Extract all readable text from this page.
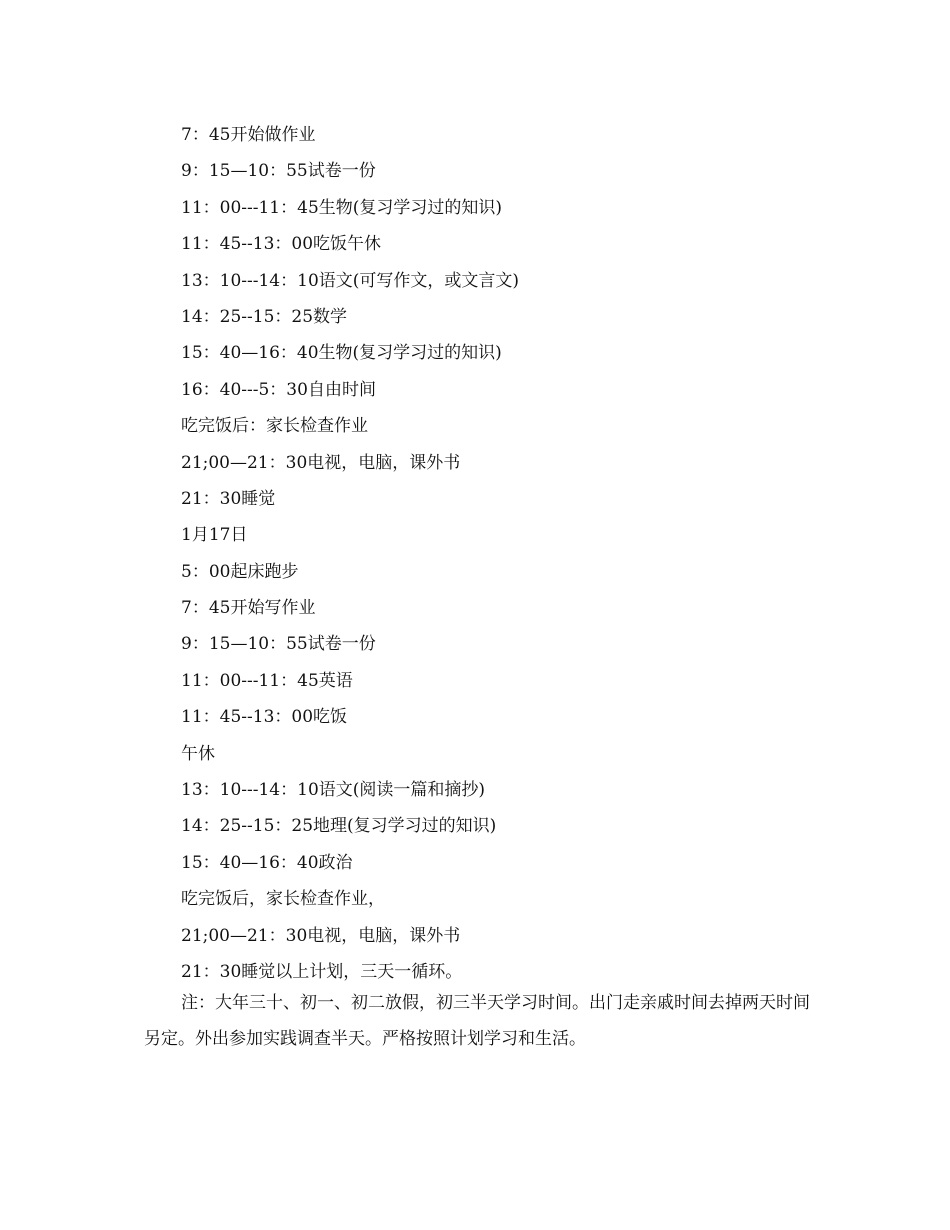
7：45开始做作业
9：15—10：55试卷一份
11：00---11：45生物(复习学习过的知识)
11：45--13：00吃饭午休
13：10---14：10语文(可写作文，或文言文)
14：25--15：25数学
15：40—16：40生物(复习学习过的知识)
16：40---5：30自由时间
吃完饭后：家长检查作业
21;00—21：30电视，电脑，课外书
21：30睡觉
1月17日
5：00起床跑步
7：45开始写作业
9：15—10：55试卷一份
11：00---11：45英语
11：45--13：00吃饭
午休
13：10---14：10语文(阅读一篇和摘抄)
14：25--15：25地理(复习学习过的知识)
15：40—16：40政治
吃完饭后，家长检查作业，
21;00—21：30电视，电脑，课外书
21：30睡觉以上计划，三天一循环。
注：大年三十、初一、初二放假，初三半天学习时间。出门走亲戚时间去掉两天时间另定。外出参加实践调查半天。严格按照计划学习和生活。
